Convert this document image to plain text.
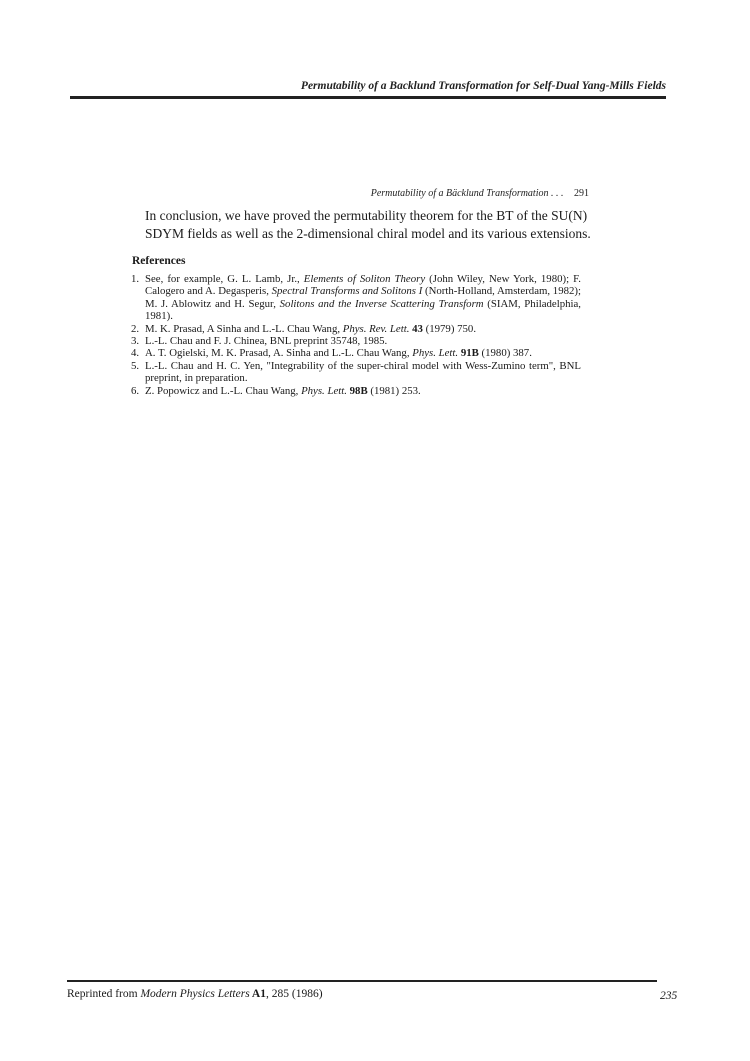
Permutability of a Backlund Transformation for Self-Dual Yang-Mills Fields
Permutability of a Bäcklund Transformation . . . 291

In conclusion, we have proved the permutability theorem for the BT of the SU(N) SDYM fields as well as the 2-dimensional chiral model and its various extensions.

References
1. See, for example, G. L. Lamb, Jr., Elements of Soliton Theory (John Wiley, New York, 1980); F. Calogero and A. Degasperis, Spectral Transforms and Solitons I (North-Holland, Amsterdam, 1982); M. J. Ablowitz and H. Segur, Solitons and the Inverse Scattering Transform (SIAM, Philadelphia, 1981).
2. M. K. Prasad, A Sinha and L.-L. Chau Wang, Phys. Rev. Lett. 43 (1979) 750.
3. L.-L. Chau and F. J. Chinea, BNL preprint 35748, 1985.
4. A. T. Ogielski, M. K. Prasad, A. Sinha and L.-L. Chau Wang, Phys. Lett. 91B (1980) 387.
5. L.-L. Chau and H. C. Yen, "Integrability of the super-chiral model with Wess-Zumino term", BNL preprint, in preparation.
6. Z. Popowicz and L.-L. Chau Wang, Phys. Lett. 98B (1981) 253.
Reprinted from Modern Physics Letters A1, 285 (1986)	235
